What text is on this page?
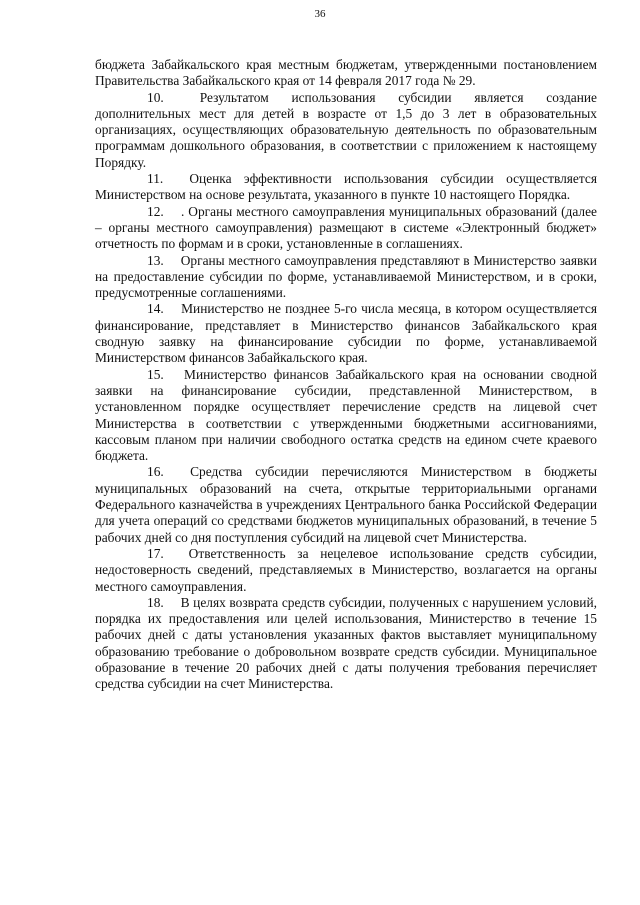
36

бюджета Забайкальского края местным бюджетам, утвержденными постановлением Правительства Забайкальского края от 14 февраля 2017 года № 29.

10.	Результатом использования субсидии является создание дополнительных мест для детей в возрасте от 1,5 до 3 лет в образовательных организациях, осуществляющих образовательную деятельность по образовательным программам дошкольного образования, в соответствии с приложением к настоящему Порядку.

11. Оценка эффективности использования субсидии осуществляется Министерством на основе результата, указанного в пункте 10 настоящего Порядка.

12. . Органы местного самоуправления муниципальных образований (далее – органы местного самоуправления) размещают в системе «Электронный бюджет» отчетность по формам и в сроки, установленные в соглашениях.

13. Органы местного самоуправления представляют в Министерство заявки на предоставление субсидии по форме, устанавливаемой Министерством, и в сроки, предусмотренные соглашениями.

14. Министерство не позднее 5-го числа месяца, в котором осуществляется финансирование, представляет в Министерство финансов Забайкальского края сводную заявку на финансирование субсидии по форме, устанавливаемой Министерством финансов Забайкальского края.

15. Министерство финансов Забайкальского края на основании сводной заявки на финансирование субсидии, представленной Министерством, в установленном порядке осуществляет перечисление средств на лицевой счет Министерства в соответствии с утвержденными бюджетными ассигнованиями, кассовым планом при наличии свободного остатка средств на едином счете краевого бюджета.

16. Средства субсидии перечисляются Министерством в бюджеты муниципальных образований на счета, открытые территориальными органами Федерального казначейства в учреждениях Центрального банка Российской Федерации для учета операций со средствами бюджетов муниципальных образований, в течение 5 рабочих дней со дня поступления субсидий на лицевой счет Министерства.

17. Ответственность за нецелевое использование средств субсидии, недостоверность сведений, представляемых в Министерство, возлагается на органы местного самоуправления.

18. В целях возврата средств субсидии, полученных с нарушением условий, порядка их предоставления или целей использования, Министерство в течение 15 рабочих дней с даты установления указанных фактов выставляет муниципальному образованию требование о добровольном возврате средств субсидии. Муниципальное образование в течение 20 рабочих дней с даты получения требования перечисляет средства субсидии на счет Министерства.
